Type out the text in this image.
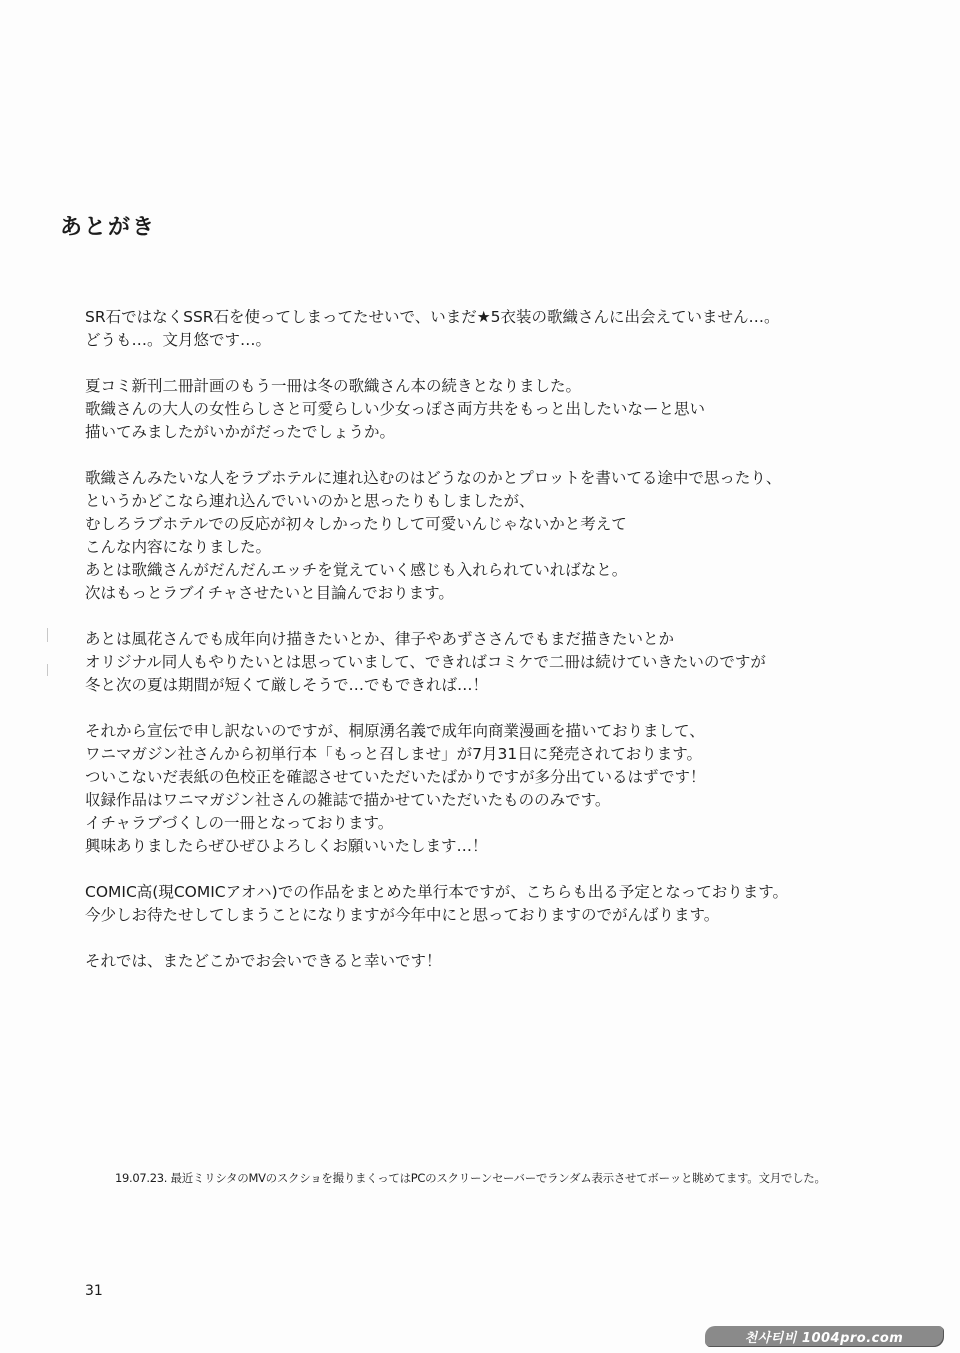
あとがき
SR石ではなくSSR石を使ってしまってたせいで、いまだ★5衣装の歌織さんに出会えていません…。
どうも…。文月悠です…。
夏コミ新刊二冊計画のもう一冊は冬の歌織さん本の続きとなりました。
歌織さんの大人の女性らしさと可愛らしい少女っぽさ両方共をもっと出したいなーと思い
描いてみましたがいかがだったでしょうか。
歌織さんみたいな人をラブホテルに連れ込むのはどうなのかとプロットを書いてる途中で思ったり、
というかどこなら連れ込んでいいのかと思ったりもしましたが、
むしろラブホテルでの反応が初々しかったりして可愛いんじゃないかと考えて
こんな内容になりました。
あとは歌織さんがだんだんエッチを覚えていく感じも入れられていればなと。
次はもっとラブイチャさせたいと目論んでおります。
あとは風花さんでも成年向け描きたいとか、律子やあずささんでもまだ描きたいとか
オリジナル同人もやりたいとは思っていまして、できればコミケで二冊は続けていきたいのですが
冬と次の夏は期間が短くて厳しそうで…でもできれば…！
それから宣伝で申し訳ないのですが、桐原湧名義で成年向商業漫画を描いておりまして、
ワニマガジン社さんから初単行本「もっと召しませ」が7月31日に発売されております。
ついこないだ表紙の色校正を確認させていただいたばかりですが多分出ているはずです！
収録作品はワニマガジン社さんの雑誌で描かせていただいたもののみです。
イチャラブづくしの一冊となっております。
興味ありましたらぜひぜひよろしくお願いいたします…！
COMIC高(現COMICアオハ)での作品をまとめた単行本ですが、こちらも出る予定となっております。
今少しお待たせしてしまうことになりますが今年中にと思っておりますのでがんばります。
それでは、またどこかでお会いできると幸いです！
19.07.23. 最近ミリシタのMVのスクショを撮りまくってはPCのスクリーンセーバーでランダム表示させてボーッと眺めてます。文月でした。
31
천사티비 1004pro.com
